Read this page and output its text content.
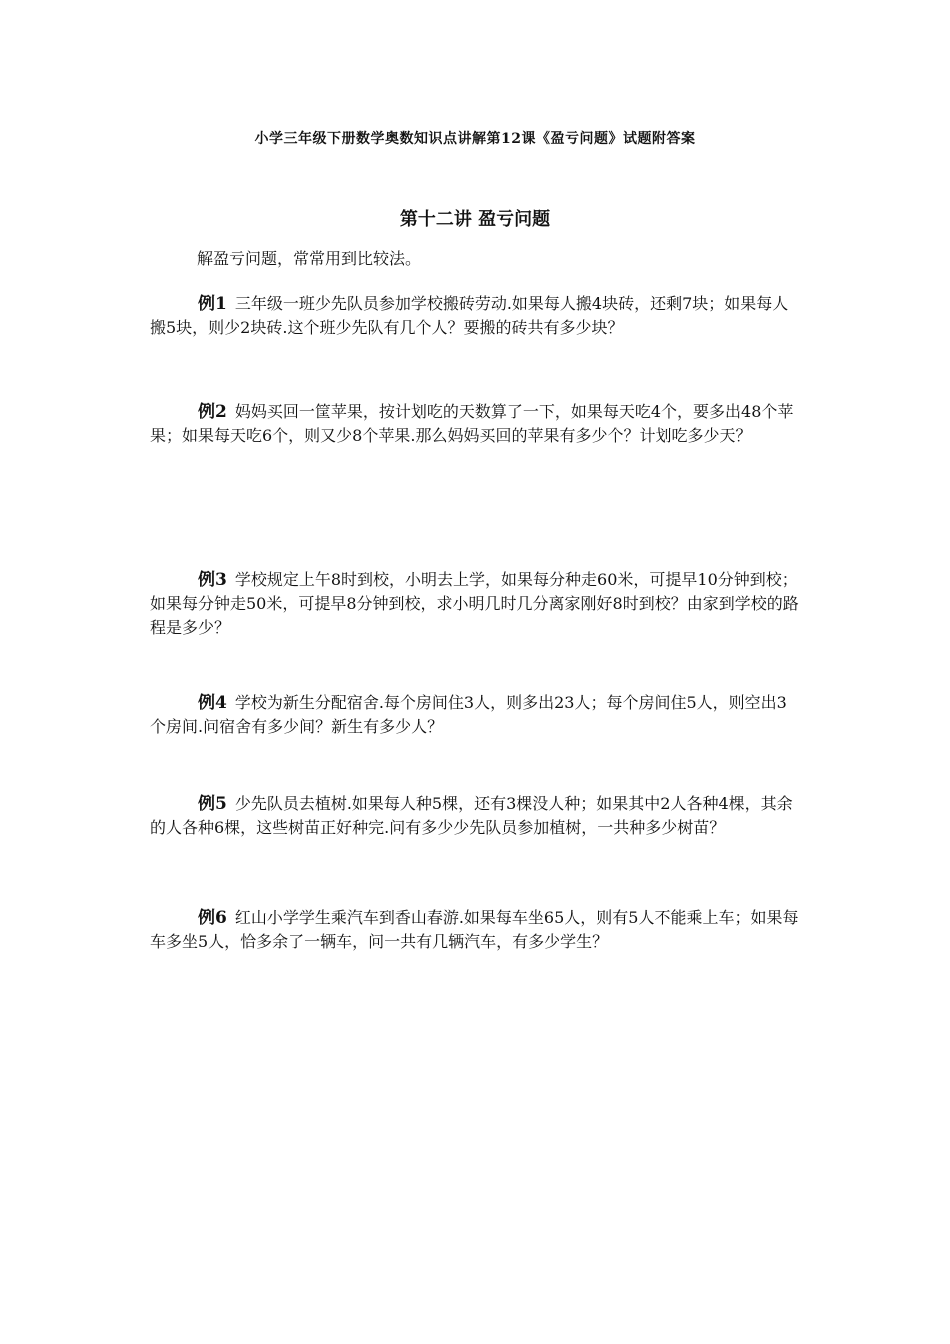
小学三年级下册数学奥数知识点讲解第12课《盈亏问题》试题附答案
第十二讲 盈亏问题
解盈亏问题，常常用到比较法。
例1 三年级一班少先队员参加学校搬砖劳动.如果每人搬4块砖，还剩7块；如果每人搬5块，则少2块砖.这个班少先队有几个人？要搬的砖共有多少块？
例2 妈妈买回一筐苹果，按计划吃的天数算了一下，如果每天吃4个，要多出48个苹果；如果每天吃6个，则又少8个苹果.那么妈妈买回的苹果有多少个？计划吃多少天？
例3 学校规定上午8时到校，小明去上学，如果每分种走60米，可提早10分钟到校；如果每分钟走50米，可提早8分钟到校，求小明几时几分离家刚好8时到校？由家到学校的路程是多少？
例4 学校为新生分配宿舍.每个房间住3人，则多出23人；每个房间住5人，则空出3个房间.问宿舍有多少间？新生有多少人？
例5 少先队员去植树.如果每人种5棵，还有3棵没人种；如果其中2人各种4棵，其余的人各种6棵，这些树苗正好种完.问有多少少先队员参加植树，一共种多少树苗？
例6 红山小学学生乘汽车到香山春游.如果每车坐65人，则有5人不能乘上车；如果每车多坐5人，恰多余了一辆车，问一共有几辆汽车，有多少学生？
